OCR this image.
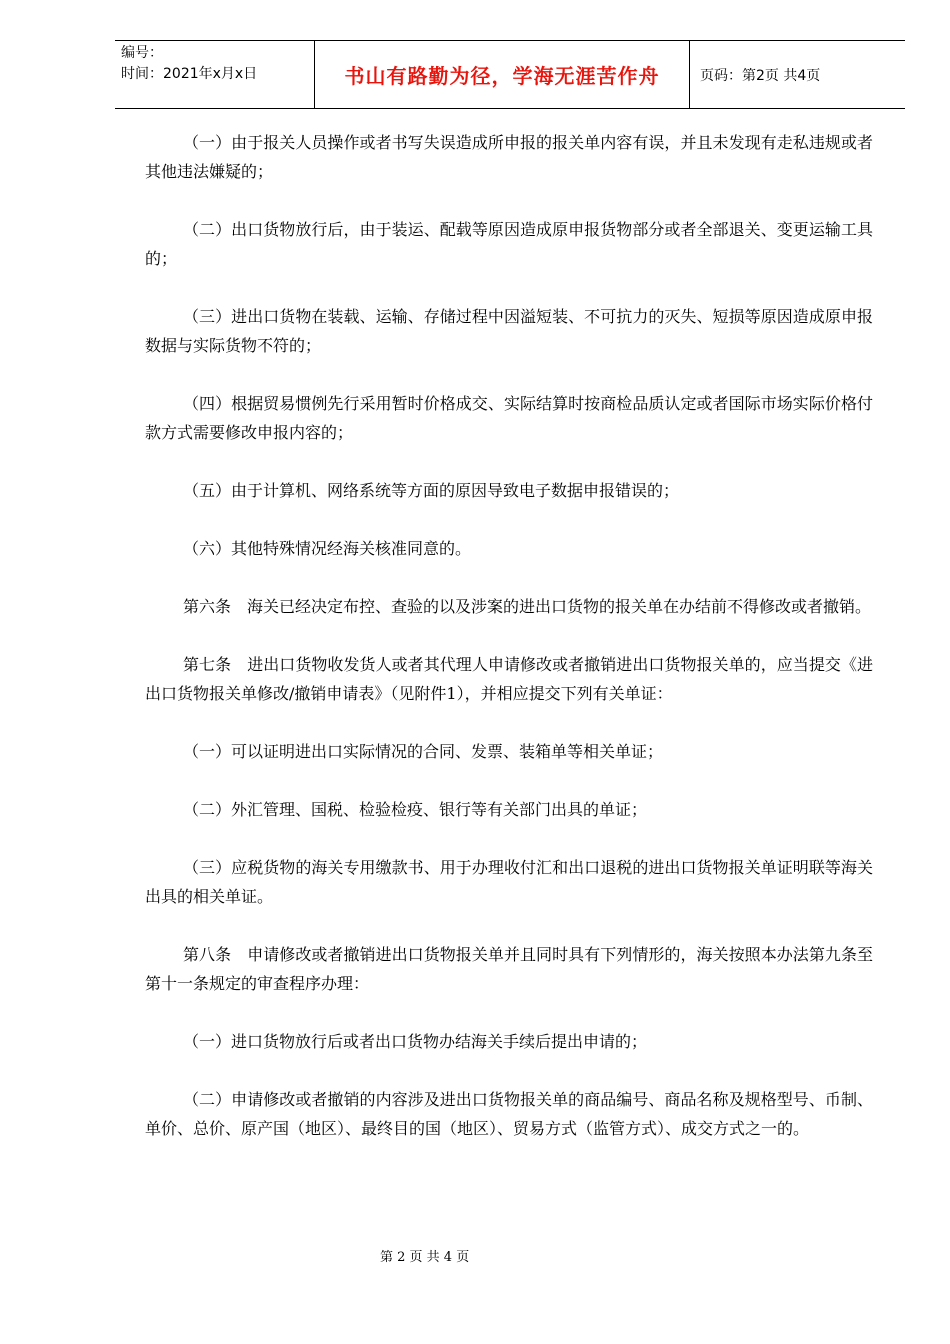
编号：
时间：2021年x月x日	书山有路勤为径，学海无涯苦作舟	页码：第2页 共4页

（一）由于报关人员操作或者书写失误造成所申报的报关单内容有误，并且未发现有走私违规或者其他违法嫌疑的；

（二）出口货物放行后，由于装运、配载等原因造成原申报货物部分或者全部退关、变更运输工具的；

（三）进出口货物在装载、运输、存储过程中因溢短装、不可抗力的灭失、短损等原因造成原申报数据与实际货物不符的；

（四）根据贸易惯例先行采用暂时价格成交、实际结算时按商检品质认定或者国际市场实际价格付款方式需要修改申报内容的；

（五）由于计算机、网络系统等方面的原因导致电子数据申报错误的；

（六）其他特殊情况经海关核准同意的。

第六条　海关已经决定布控、查验的以及涉案的进出口货物的报关单在办结前不得修改或者撤销。

第七条　进出口货物收发货人或者其代理人申请修改或者撤销进出口货物报关单的，应当提交《进出口货物报关单修改/撤销申请表》（见附件1），并相应提交下列有关单证：

（一）可以证明进出口实际情况的合同、发票、装箱单等相关单证；

（二）外汇管理、国税、检验检疫、银行等有关部门出具的单证；

（三）应税货物的海关专用缴款书、用于办理收付汇和出口退税的进出口货物报关单证明联等海关出具的相关单证。

第八条　申请修改或者撤销进出口货物报关单并且同时具有下列情形的，海关按照本办法第九条至第十一条规定的审查程序办理：

（一）进口货物放行后或者出口货物办结海关手续后提出申请的；

（二）申请修改或者撤销的内容涉及进出口货物报关单的商品编号、商品名称及规格型号、币制、单价、总价、原产国（地区）、最终目的国（地区）、贸易方式（监管方式）、成交方式之一的。

第 2 页 共 4 页
